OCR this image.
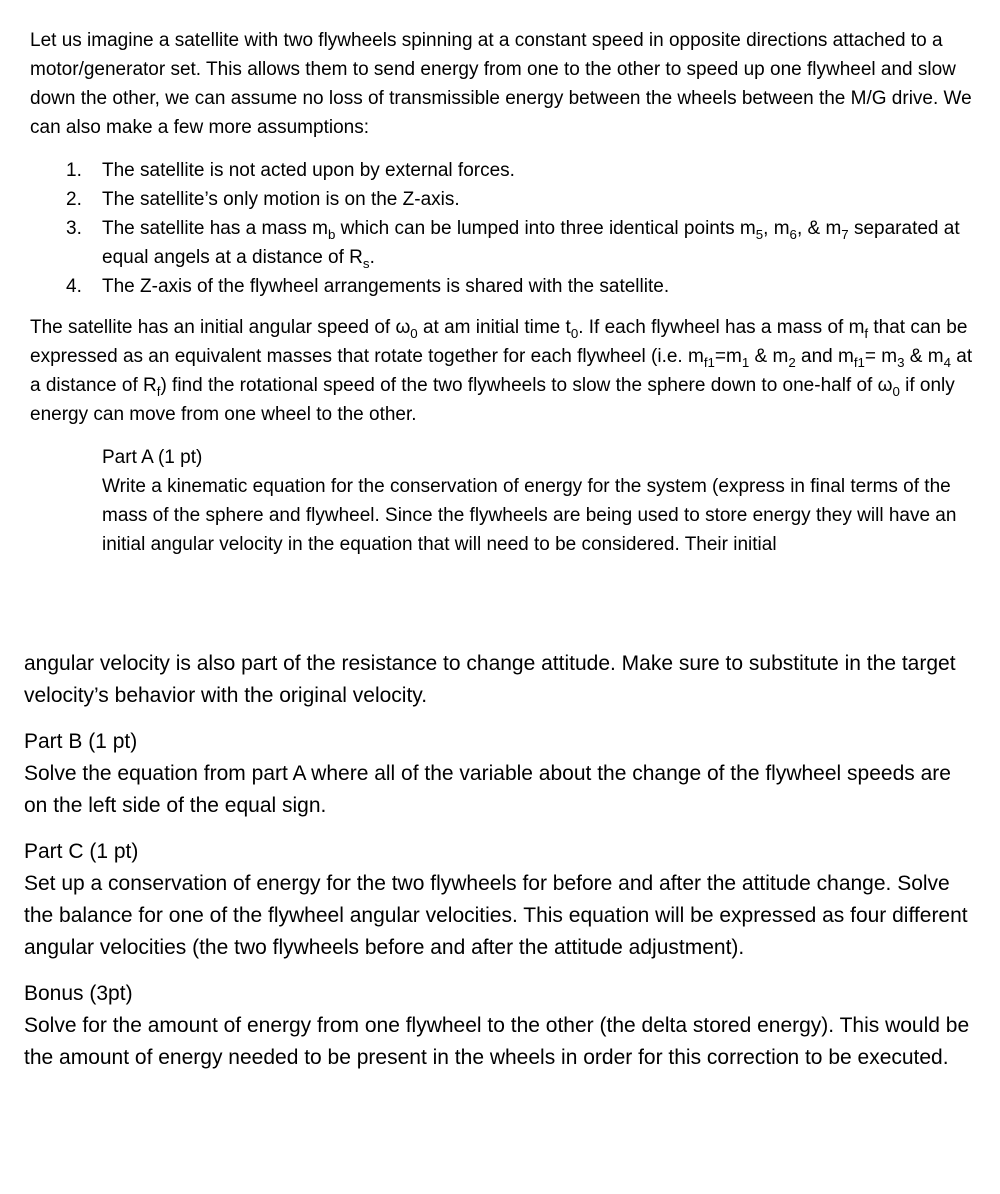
Let us imagine a satellite with two flywheels spinning at a constant speed in opposite directions attached to a motor/generator set. This allows them to send energy from one to the other to speed up one flywheel and slow down the other, we can assume no loss of transmissible energy between the wheels between the M/G drive. We can also make a few more assumptions:

1. The satellite is not acted upon by external forces.
2. The satellite’s only motion is on the Z-axis.
3. The satellite has a mass $m_b$ which can be lumped into three identical points $m_5$, $m_6$, & $m_7$ separated at equal angels at a distance of $R_s$.
4. The Z-axis of the flywheel arrangements is shared with the satellite.

The satellite has an initial angular speed of $\omega_0$ at am initial time $t_0$. If each flywheel has a mass of $m_f$ that can be expressed as an equivalent masses that rotate together for each flywheel (i.e. $m_{f1}=m_1$ & $m_2$ and $m_{f1}= m_3$ & $m_4$ at a distance of $R_f$) find the rotational speed of the two flywheels to slow the sphere down to one-half of $\omega_0$ if only energy can move from one wheel to the other.

Part A (1 pt)
Write a kinematic equation for the conservation of energy for the system (express in final terms of the mass of the sphere and flywheel. Since the flywheels are being used to store energy they will have an initial angular velocity in the equation that will need to be considered. Their initial

angular velocity is also part of the resistance to change attitude. Make sure to substitute in the target velocity’s behavior with the original velocity.

Part B (1 pt)
Solve the equation from part A where all of the variable about the change of the flywheel speeds are on the left side of the equal sign.
Part C (1 pt)
Set up a conservation of energy for the two flywheels for before and after the attitude change. Solve the balance for one of the flywheel angular velocities. This equation will be expressed as four different angular velocities (the two flywheels before and after the attitude adjustment).
Bonus (3pt)
Solve for the amount of energy from one flywheel to the other (the delta stored energy). This would be the amount of energy needed to be present in the wheels in order for this correction to be executed.
